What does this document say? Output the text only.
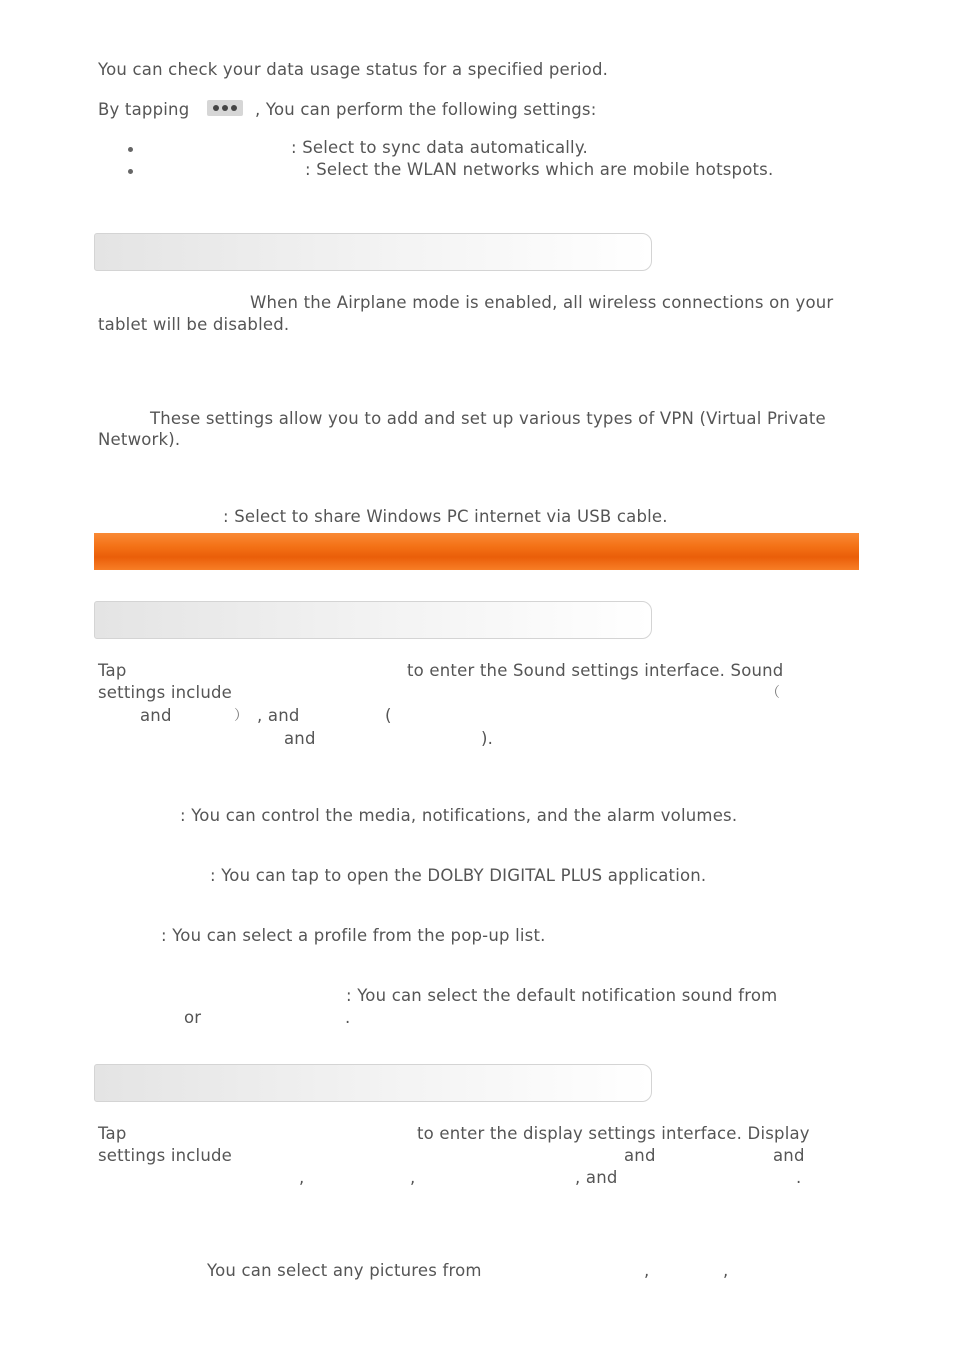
You can check your data usage status for a specified period.
By tapping	, You can perform the following settings:
: Select to sync data automatically.
: Select the WLAN networks which are mobile hotspots.
When the Airplane mode is enabled, all wireless connections on your
tablet will be disabled.
These settings allow you to add and set up various types of VPN (Virtual Private
Network).
: Select to share Windows PC internet via USB cable.
Tap	to enter the Sound settings interface. Sound
settings include	（
and	） , and	(
and	).
: You can control the media, notifications, and the alarm volumes.
: You can tap to open the DOLBY DIGITAL PLUS application.
: You can select a profile from the pop-up list.
: You can select the default notification sound from
or	.
Tap	to enter the display settings interface. Display
settings include	and	and
,	,	, and	.
You can select any pictures from	,	,
